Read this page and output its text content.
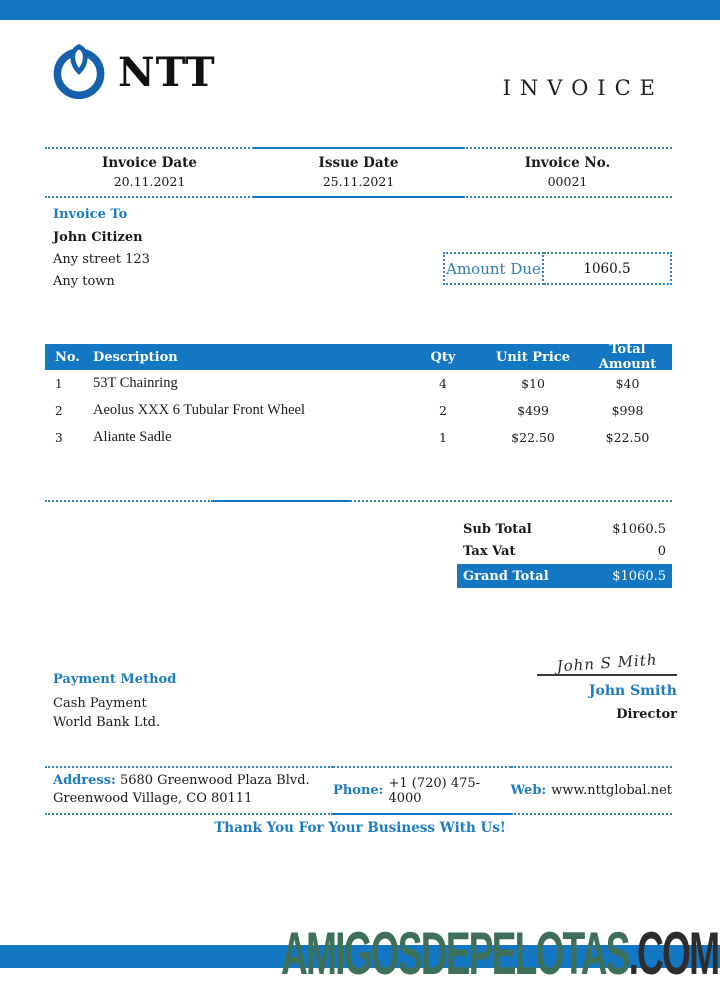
NTT	INVOICE
Invoice Date
20.11.2021
Issue Date
25.11.2021
Invoice No.
00021
Invoice To
John Citizen
Any street 123
Any town
Amount Due	1060.5
No.	Description	Qty	Unit Price	Total Amount
1	53T Chainring	4	$10	$40
2	Aeolus XXX 6 Tubular Front Wheel	2	$499	$998
3	Aliante Sadle	1	$22.50	$22.50
Sub Total	$1060.5
Tax Vat	0
Grand Total	$1060.5
Payment Method
Cash Payment
World Bank Ltd.
John S Mith
John Smith
Director
Address: 5680 Greenwood Plaza Blvd.
Greenwood Village, CO 80111
Phone: +1 (720) 475-4000	Web: www.nttglobal.net
Thank You For Your Business With Us!
AMIGOSDEPELOTAS.COM
